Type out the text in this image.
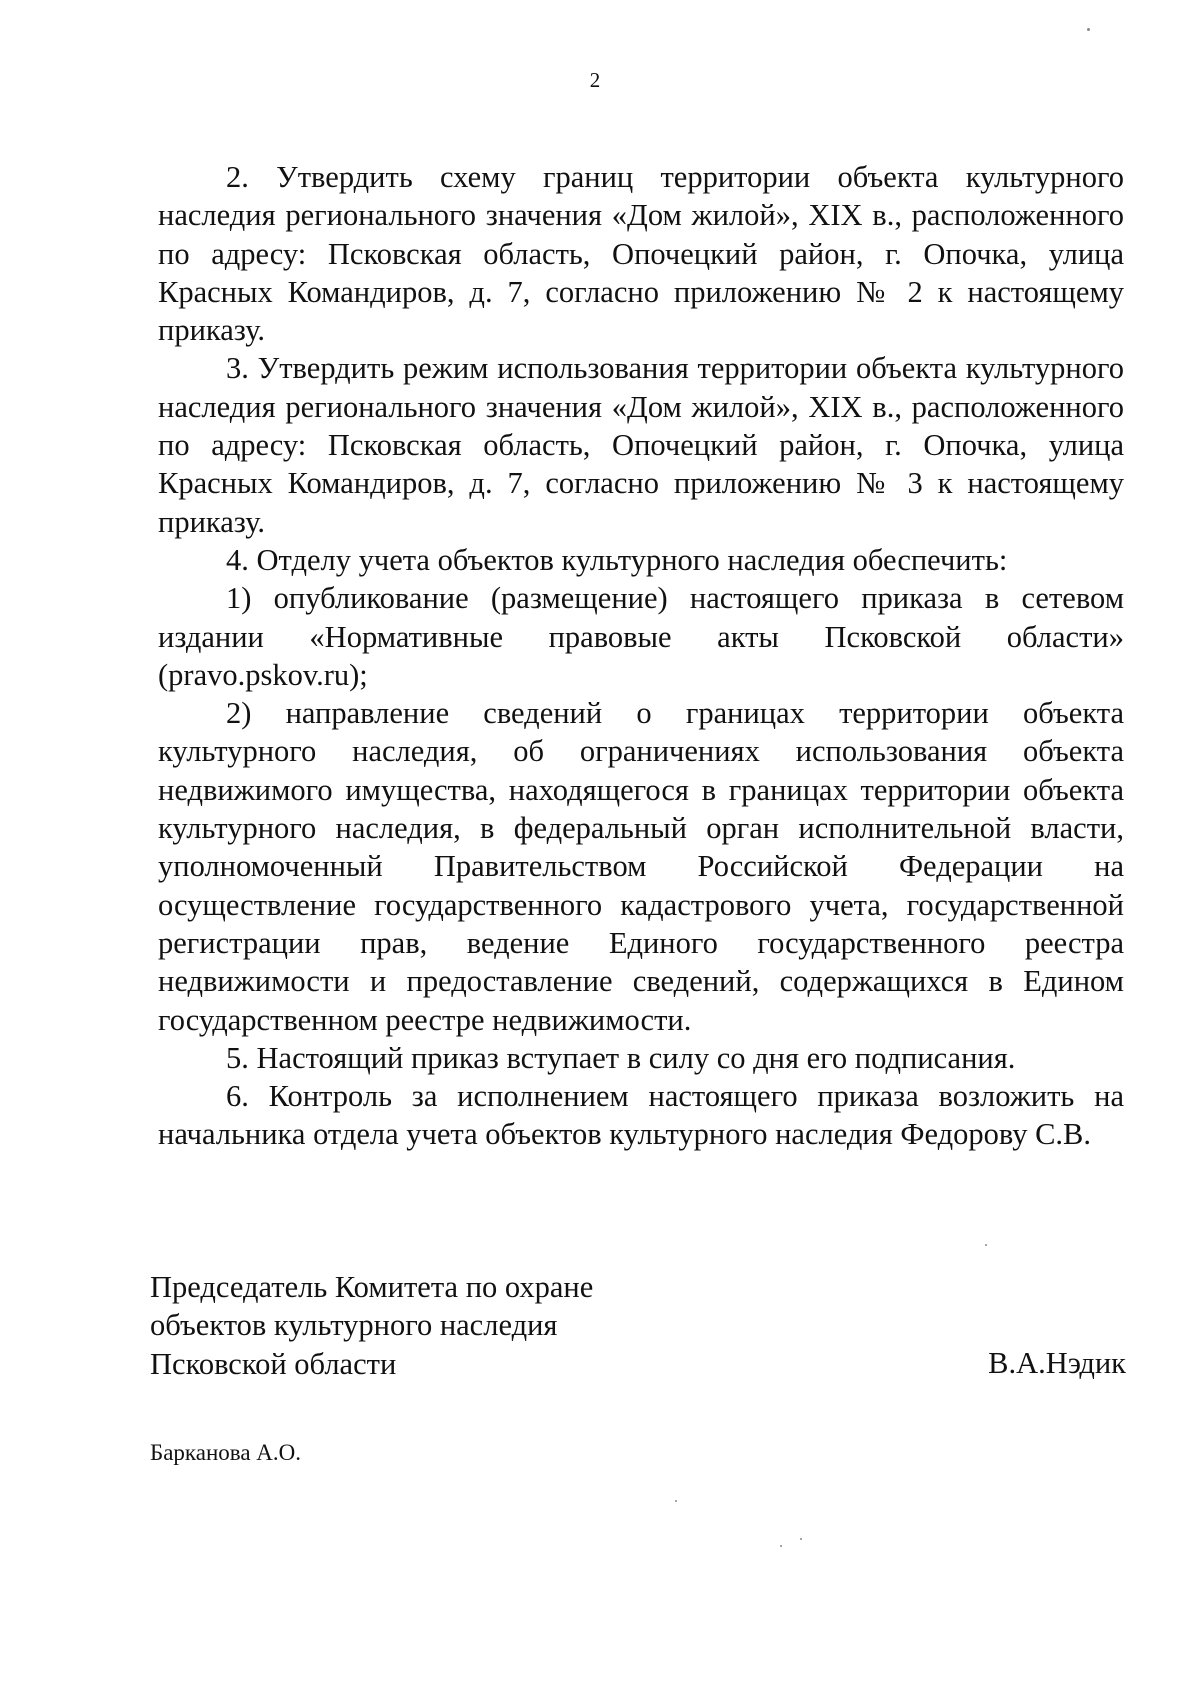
2

2. Утвердить схему границ территории объекта культурного наследия регионального значения «Дом жилой», XIX в., расположенного по адресу: Псковская область, Опочецкий район, г. Опочка, улица Красных Командиров, д. 7, согласно приложению № 2 к настоящему приказу.

3. Утвердить режим использования территории объекта культурного наследия регионального значения «Дом жилой», XIX в., расположенного по адресу: Псковская область, Опочецкий район, г. Опочка, улица Красных Командиров, д. 7, согласно приложению № 3 к настоящему приказу.

4. Отделу учета объектов культурного наследия обеспечить:

1) опубликование (размещение) настоящего приказа в сетевом издании «Нормативные правовые акты Псковской области» (pravo.pskov.ru);

2) направление сведений о границах территории объекта культурного наследия, об ограничениях использования объекта недвижимого имущества, находящегося в границах территории объекта культурного наследия, в федеральный орган исполнительной власти, уполномоченный Правительством Российской Федерации на осуществление государственного кадастрового учета, государственной регистрации прав, ведение Единого государственного реестра недвижимости и предоставление сведений, содержащихся в Едином государственном реестре недвижимости.

5. Настоящий приказ вступает в силу со дня его подписания.

6. Контроль за исполнением настоящего приказа возложить на начальника отдела учета объектов культурного наследия Федорову С.В.

Председатель Комитета по охране
объектов культурного наследия
Псковской области	В.А.Нэдик
Барканова А.О.
